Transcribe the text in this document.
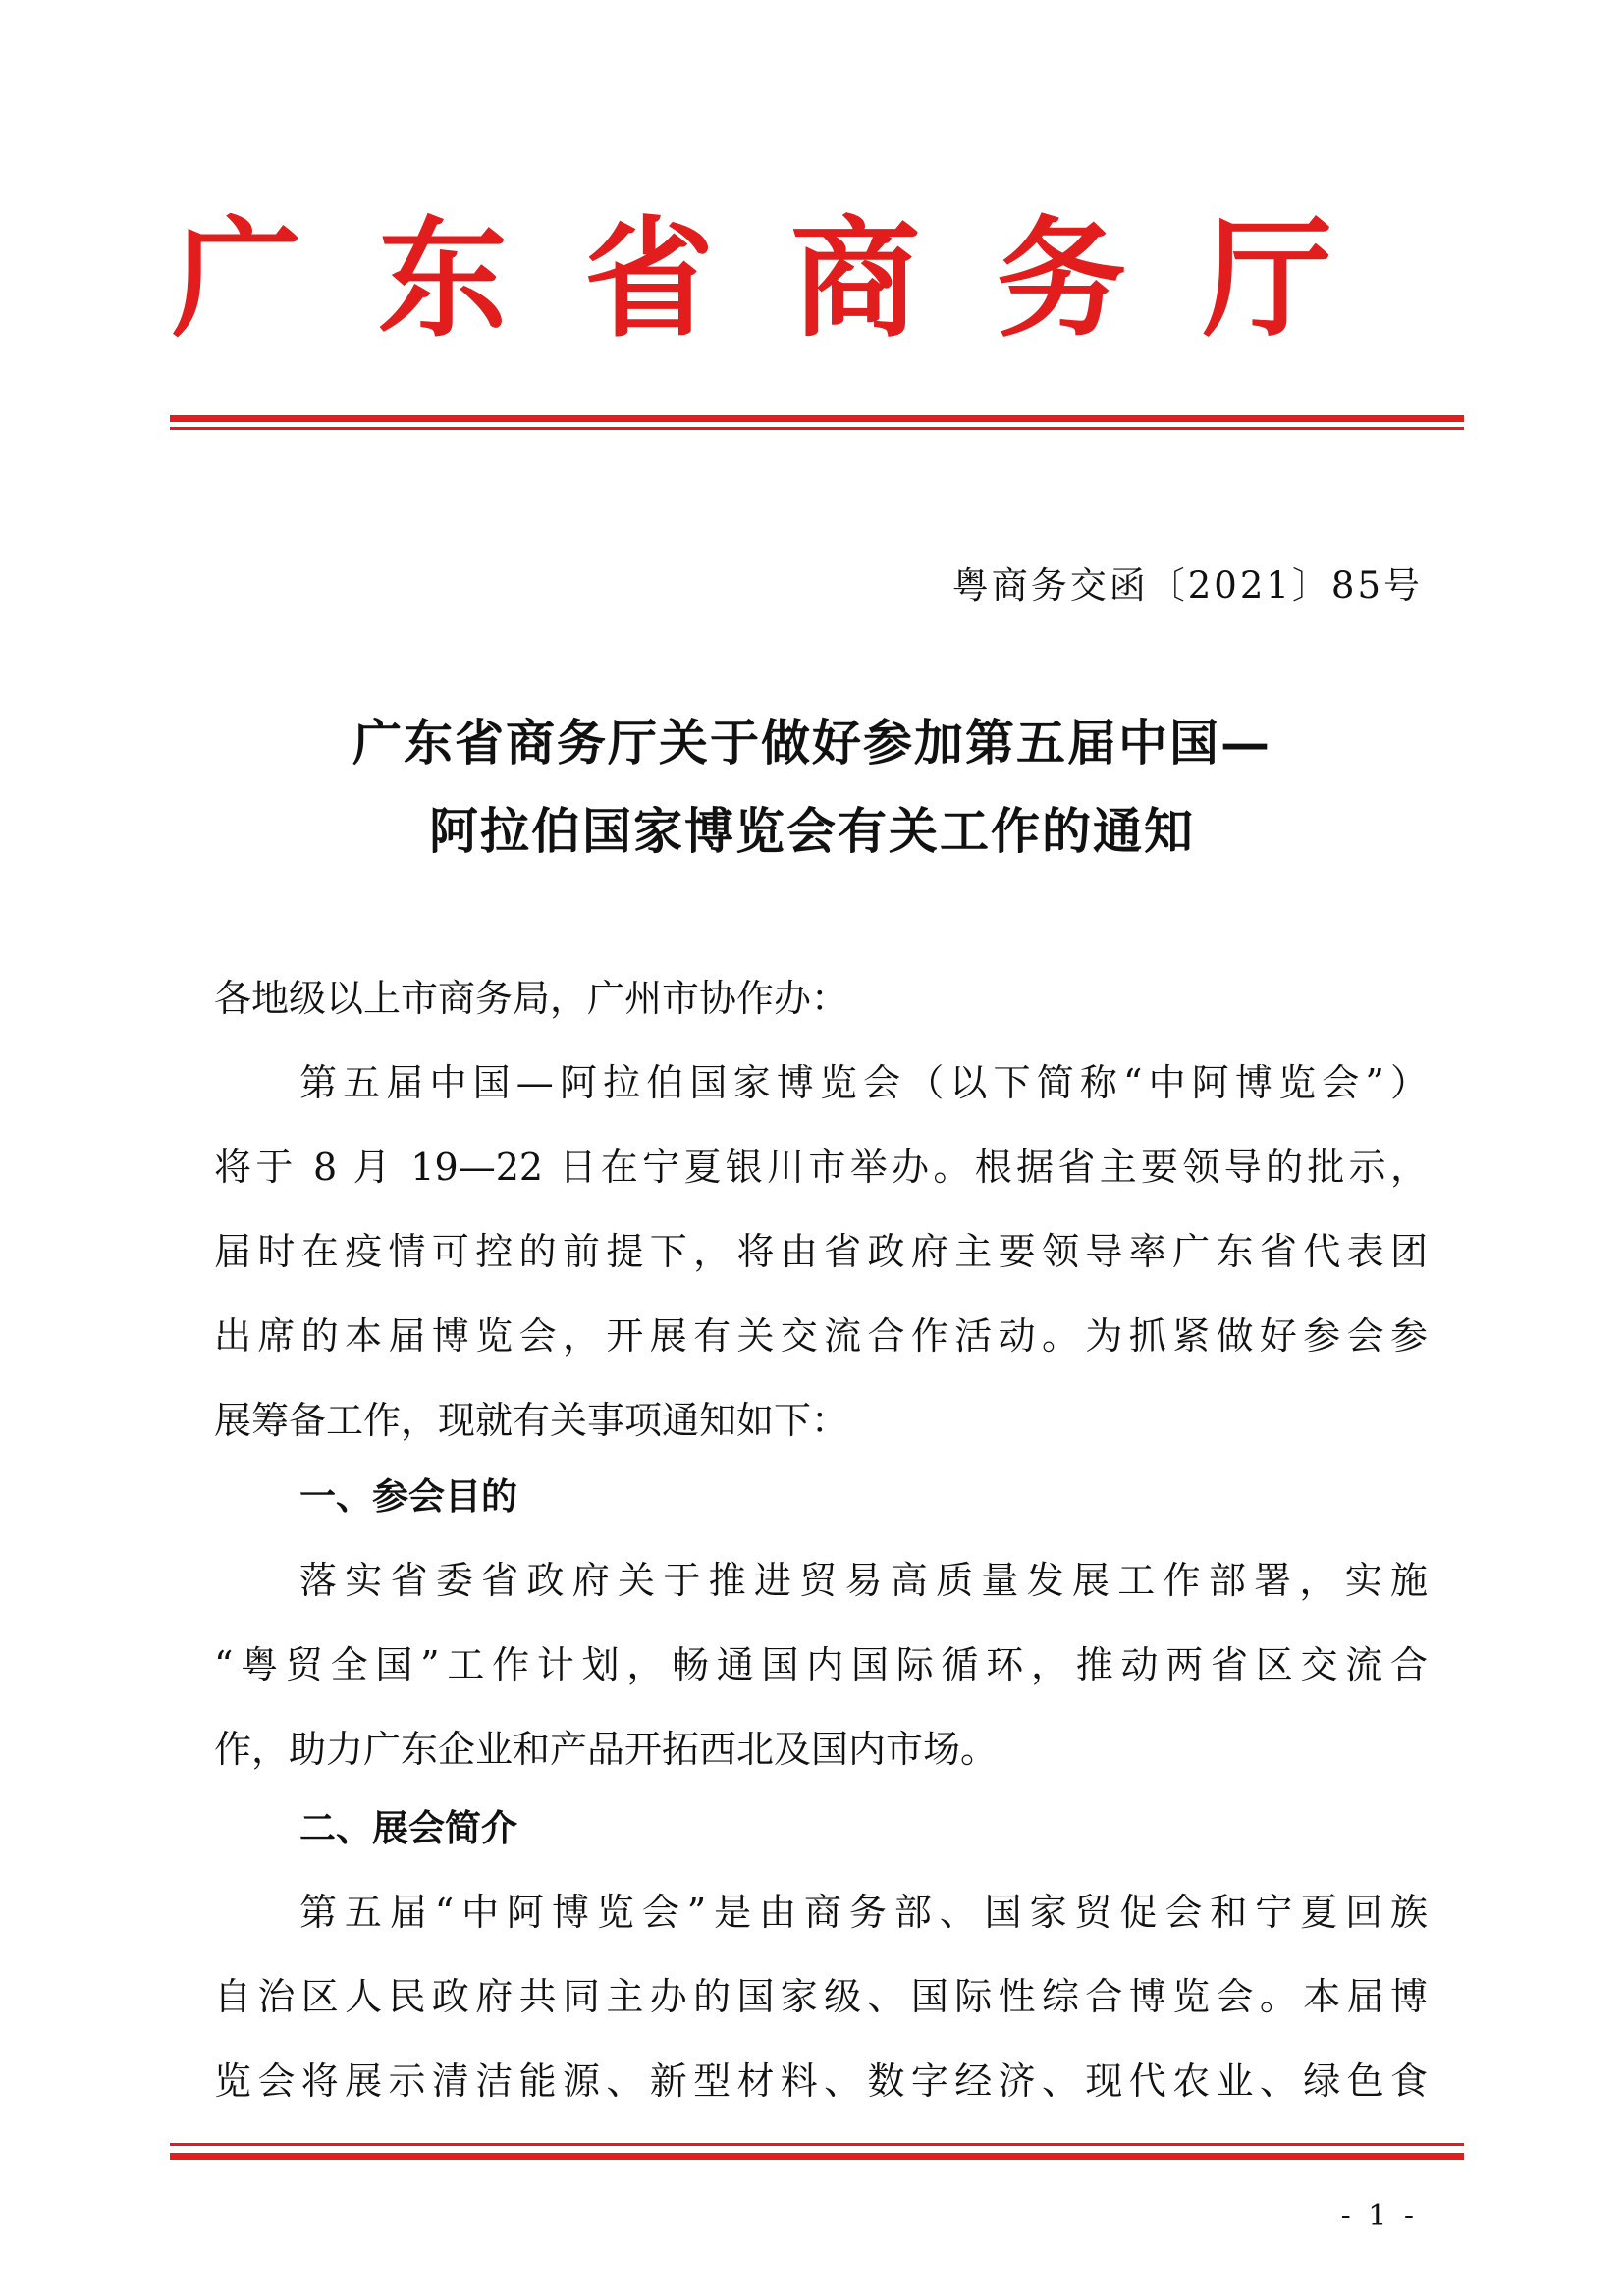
广东省商务厅
粤商务交函〔2021〕85号
广东省商务厅关于做好参加第五届中国—
阿拉伯国家博览会有关工作的通知

各地级以上市商务局，广州市协作办：

第五届中国—阿拉伯国家博览会（以下简称“中阿博览会”）

将于 8 月 19—22 日在宁夏银川市举办。根据省主要领导的批示，

届时在疫情可控的前提下，将由省政府主要领导率广东省代表团

出席的本届博览会，开展有关交流合作活动。为抓紧做好参会参

展筹备工作，现就有关事项通知如下：

一、参会目的

落实省委省政府关于推进贸易高质量发展工作部署，实施

“粤贸全国”工作计划，畅通国内国际循环，推动两省区交流合

作，助力广东企业和产品开拓西北及国内市场。

二、展会简介

第五届“中阿博览会”是由商务部、国家贸促会和宁夏回族

自治区人民政府共同主办的国家级、国际性综合博览会。本届博

览会将展示清洁能源、新型材料、数字经济、现代农业、绿色食

- 1 -
